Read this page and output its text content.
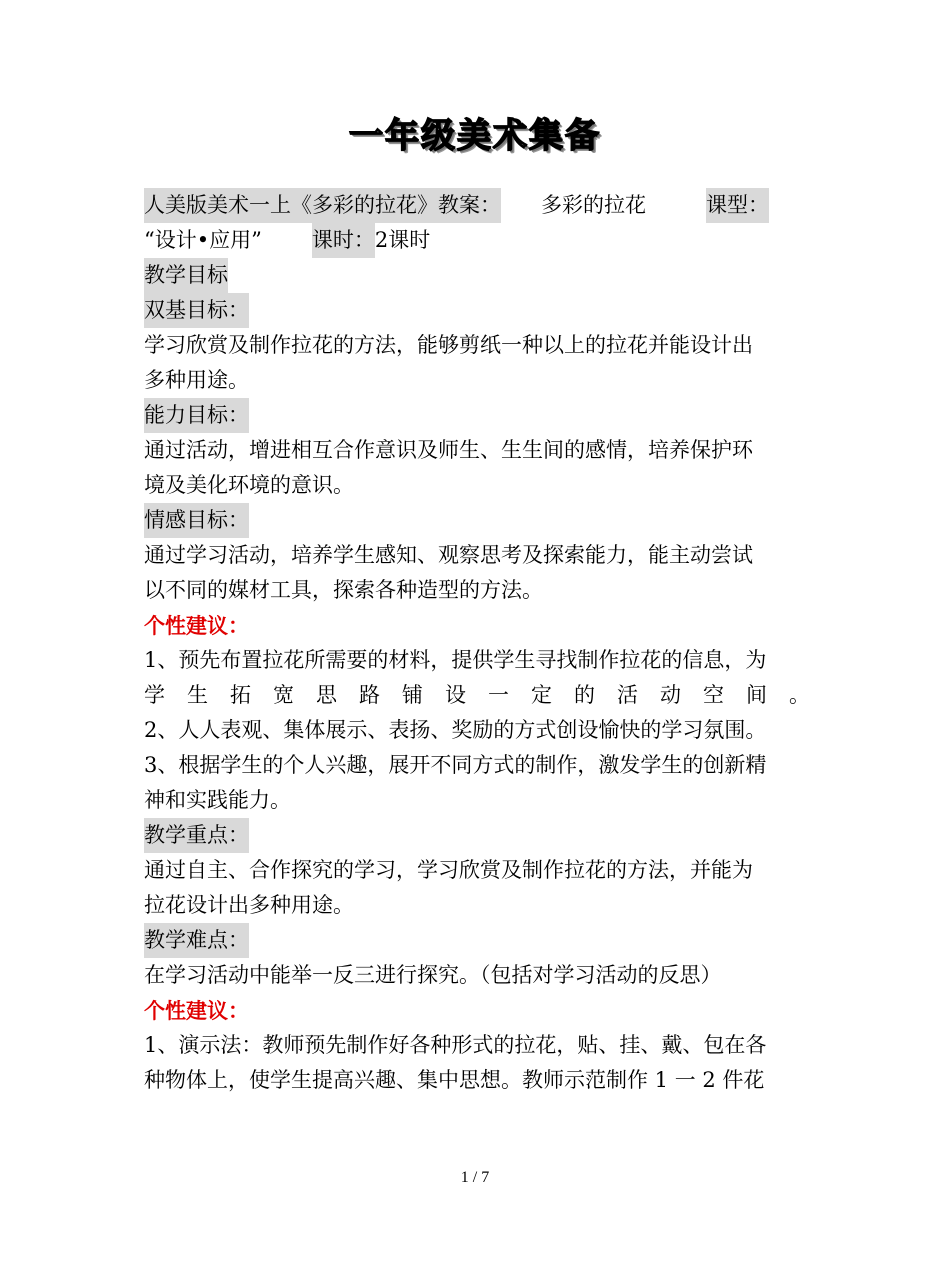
一年级美术集备
人美版美术一上《多彩的拉花》教案： 多彩的拉花	课型：
“设计•应用” 课时：2课时
教学目标
双基目标：
学习欣赏及制作拉花的方法，能够剪纸一种以上的拉花并能设计出
多种用途。
能力目标：
通过活动，增进相互合作意识及师生、生生间的感情，培养保护环
境及美化环境的意识。
情感目标：
通过学习活动，培养学生感知、观察思考及探索能力，能主动尝试
以不同的媒材工具，探索各种造型的方法。
个性建议：
1、预先布置拉花所需要的材料，提供学生寻找制作拉花的信息，为
学 生 拓 宽 思 路 铺 设 一 定 的 活 动 空 间 。
2、人人表观、集体展示、表扬、奖励的方式创设愉快的学习氛围。
3、根据学生的个人兴趣，展开不同方式的制作，激发学生的创新精
神和实践能力。
教学重点：
通过自主、合作探究的学习，学习欣赏及制作拉花的方法，并能为
拉花设计出多种用途。
教学难点：
在学习活动中能举一反三进行探究。（包括对学习活动的反思）
个性建议：
1、演示法：教师预先制作好各种形式的拉花，贴、挂、戴、包在各
种物体上，使学生提高兴趣、集中思想。教师示范制作 1 一 2 件花
1 / 7
